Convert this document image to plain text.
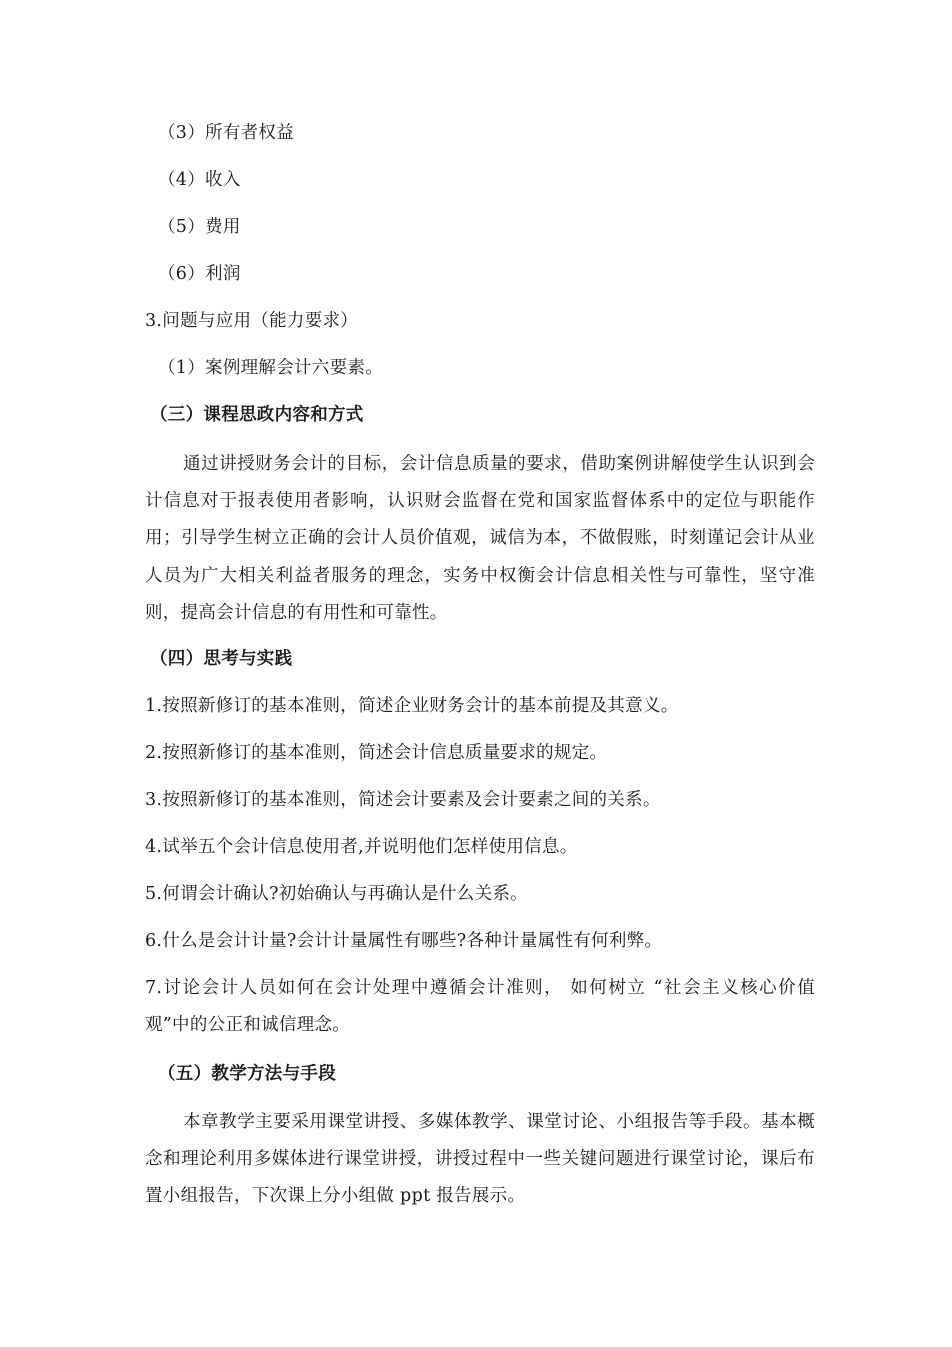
（3）所有者权益
（4）收入
（5）费用
（6）利润
3.问题与应用（能力要求）
（1）案例理解会计六要素。
（三）课程思政内容和方式

通过讲授财务会计的目标，会计信息质量的要求，借助案例讲解使学生认识到会计信息对于报表使用者影响，认识财会监督在党和国家监督体系中的定位与职能作用；引导学生树立正确的会计人员价值观，诚信为本，不做假账，时刻谨记会计从业人员为广大相关利益者服务的理念，实务中权衡会计信息相关性与可靠性，坚守准则，提高会计信息的有用性和可靠性。

（四）思考与实践
1.按照新修订的基本准则，简述企业财务会计的基本前提及其意义。
2.按照新修订的基本准则，简述会计信息质量要求的规定。
3.按照新修订的基本准则，简述会计要素及会计要素之间的关系。
4.试举五个会计信息使用者,并说明他们怎样使用信息。
5.何谓会计确认?初始确认与再确认是什么关系。
6.什么是会计计量?会计计量属性有哪些?各种计量属性有何利弊。

7.讨论会计人员如何在会计处理中遵循会计准则， 如何树立 “社会主义核心价值观”中的公正和诚信理念。

（五）教学方法与手段

本章教学主要采用课堂讲授、多媒体教学、课堂讨论、小组报告等手段。基本概念和理论利用多媒体进行课堂讲授，讲授过程中一些关键问题进行课堂讨论，课后布置小组报告，下次课上分小组做 ppt 报告展示。
